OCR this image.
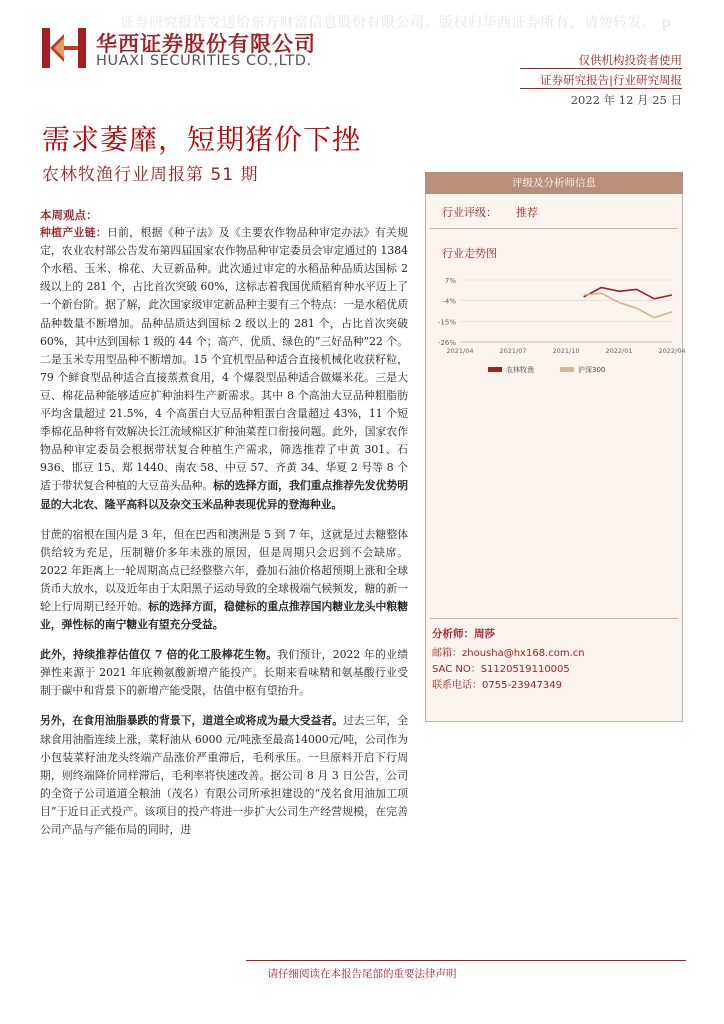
证券研究报告发送给东方财富信息股份有限公司。版权归华西证券所有，请勿转发。 p
华西证券股份有限公司
HUAXI SECURITIES CO.,LTD.	仅供机构投资者使用
证券研究报告|行业研究周报
2022 年 12 月 25 日
需求萎靡，短期猪价下挫
农林牧渔行业周报第 51 期
本周观点：

种植产业链：日前，根据《种子法》及《主要农作物品种审定办法》有关规定，农业农村部公告发布第四届国家农作物品种审定委员会审定通过的 1384 个水稻、玉米、棉花、大豆新品种。此次通过审定的水稻品种品质达国标 2 级以上的 281 个，占比首次突破 60%，这标志着我国优质稻育种水平迈上了一个新台阶。据了解，此次国家级审定新品种主要有三个特点：一是水稻优质品种数量不断增加。品种品质达到国标 2 级以上的 281 个，占比首次突破 60%，其中达到国标 1 级的 44 个；高产、优质、绿色的“三好品种”22 个。二是玉米专用型品种不断增加。15 个宜机型品种适合直接机械化收获籽粒，79 个鲜食型品种适合直接蒸煮食用，4 个爆裂型品种适合做爆米花。三是大豆、棉花品种能够适应扩种油料生产新需求。其中 8 个高油大豆品种粗脂肪平均含量超过 21.5%，4 个高蛋白大豆品种粗蛋白含量超过 43%，11 个短季棉花品种将有效解决长江流域棉区扩种油菜茬口衔接问题。此外，国家农作物品种审定委员会根据带状复合种植生产需求，筛选推荐了中黄 301、石 936、邯豆 15、郑 1440、南农 58、中豆 57、齐黄 34、华夏 2 号等 8 个适于带状复合种植的大豆苗头品种。标的选择方面，我们重点推荐先发优势明显的大北农、隆平高科以及杂交玉米品种表现优异的登海种业。

甘蔗的宿根在国内是 3 年，但在巴西和澳洲是 5 到 7 年，这就是过去糖整体供给较为充足，压制糖价多年未涨的原因，但是周期只会迟到不会缺席。2022 年距离上一轮周期高点已经整整六年，叠加石油价格超预期上涨和全球货币大放水，以及近年由于太阳黑子运动导致的全球极端气候频发，糖的新一轮上行周期已经开始。标的选择方面，稳健标的重点推荐国内糖业龙头中粮糖业，弹性标的南宁糖业有望充分受益。

此外，持续推荐估值仅 7 倍的化工股棒花生物。我们预计，2022 年的业绩弹性来源于 2021 年底赖氨酸新增产能投产。长期来看味精和氨基酸行业受制于碳中和背景下的新增产能受限，估值中枢有望抬升。

另外，在食用油脂暴跌的背景下，道道全或将成为最大受益者。过去三年，全球食用油脂连续上涨，菜籽油从 6000 元/吨涨至最高14000元/吨，公司作为小包装菜籽油龙头终端产品涨价严重滞后，毛利承压。一旦原料开启下行周期，则终端降价同样滞后，毛利率将快速改善。据公司 8 月 3 日公告，公司的全资子公司道道全粮油（茂名）有限公司所承担建设的“茂名食用油加工项目”于近日正式投产。该项目的投产将进一步扩大公司生产经营规模，在完善公司产品与产能布局的同时，进

评级及分析师信息
行业评级： 推荐
行业走势图
7%
-4%
-15%
-26%
2021/04	2021/07	2021/10	2022/01	2022/04
农林牧渔	沪深300
分析师：周莎
邮箱：zhousha@hx168.com.cn
SAC NO：S1120519110005
联系电话：0755-23947349
请仔细阅读在本报告尾部的重要法律声明
